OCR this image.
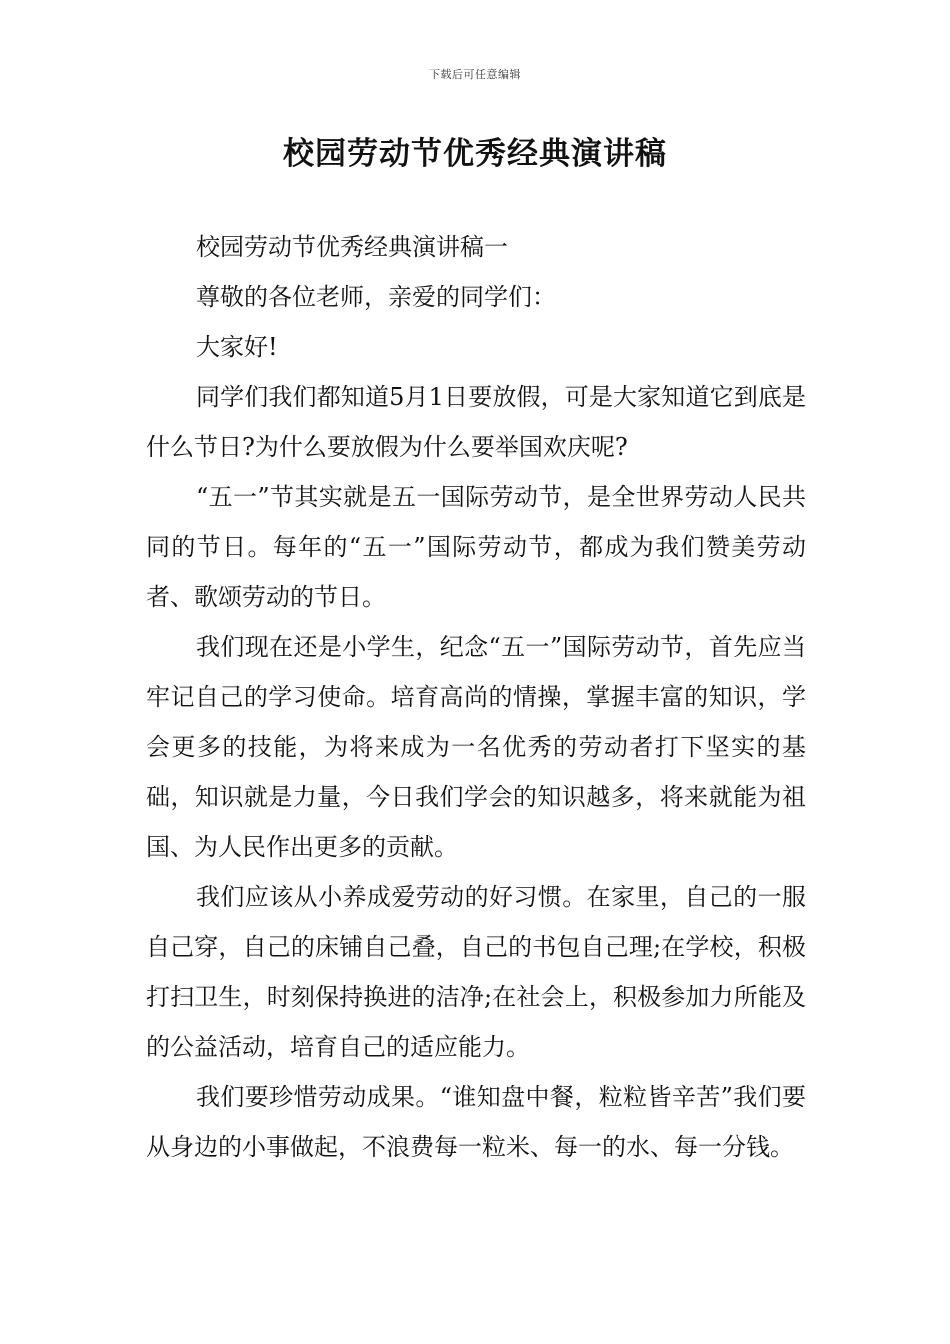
下载后可任意编辑
校园劳动节优秀经典演讲稿

校园劳动节优秀经典演讲稿一

尊敬的各位老师，亲爱的同学们：

大家好!

同学们我们都知道5月1日要放假，可是大家知道它到底是什么节日?为什么要放假为什么要举国欢庆呢?

“五一”节其实就是五一国际劳动节，是全世界劳动人民共同的节日。每年的“五一”国际劳动节，都成为我们赞美劳动者、歌颂劳动的节日。

我们现在还是小学生，纪念“五一”国际劳动节，首先应当牢记自己的学习使命。培育高尚的情操，掌握丰富的知识，学会更多的技能，为将来成为一名优秀的劳动者打下坚实的基础，知识就是力量，今日我们学会的知识越多，将来就能为祖国、为人民作出更多的贡献。

我们应该从小养成爱劳动的好习惯。在家里，自己的一服自己穿，自己的床铺自己叠，自己的书包自己理;在学校，积极打扫卫生，时刻保持换进的洁净;在社会上，积极参加力所能及的公益活动，培育自己的适应能力。

我们要珍惜劳动成果。“谁知盘中餐，粒粒皆辛苦”我们要从身边的小事做起，不浪费每一粒米、每一的水、每一分钱。
